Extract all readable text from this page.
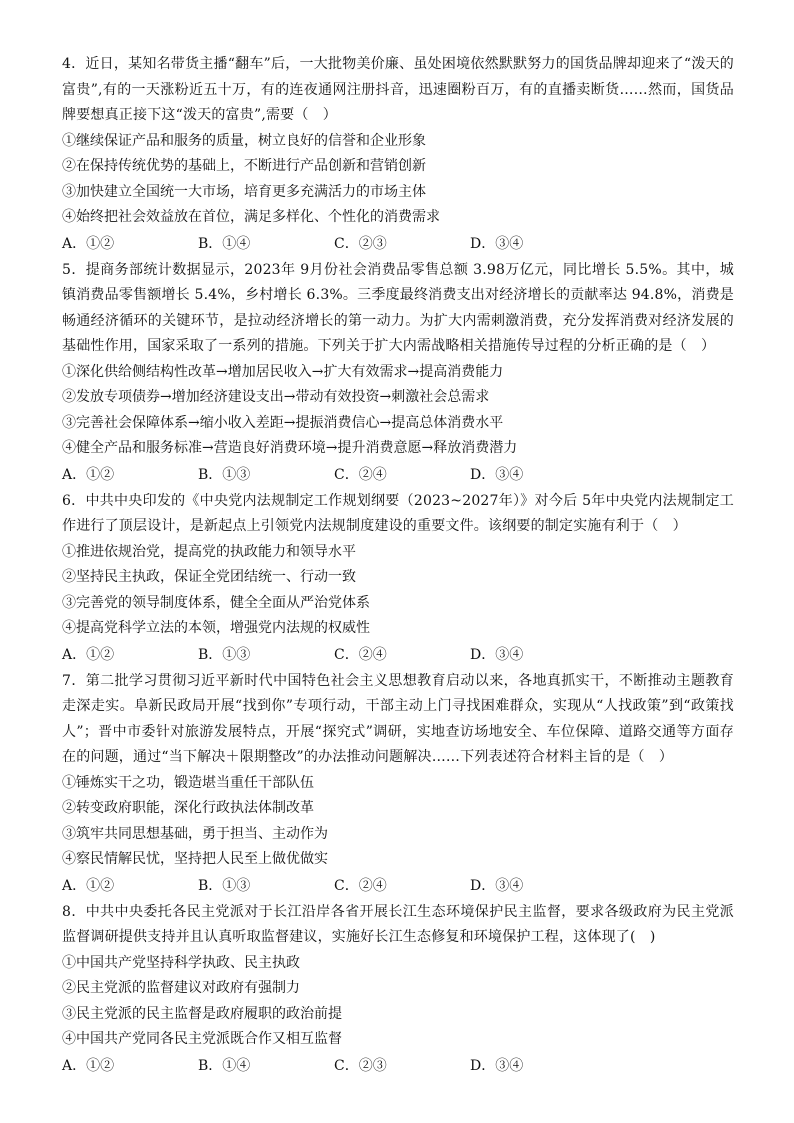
4．近日，某知名带货主播“翻车”后，一大批物美价廉、虽处困境依然默默努力的国货品牌却迎来了“泼天的富贵”,有的一天涨粉近五十万，有的连夜通网注册抖音，迅速圈粉百万，有的直播卖断货……然而，国货品牌要想真正接下这“泼天的富贵”,需要（　）
①继续保证产品和服务的质量，树立良好的信誉和企业形象
②在保持传统优势的基础上，不断进行产品创新和营销创新
③加快建立全国统一大市场，培育更多充满活力的市场主体
④始终把社会效益放在首位，满足多样化、个性化的消费需求
A．①②	B．①④	C．②③	D．③④
5．提商务部统计数据显示，2023年 9月份社会消费品零售总额 3.98万亿元，同比增长 5.5%。其中，城镇消费品零售额增长 5.4%，乡村增长 6.3%。三季度最终消费支出对经济增长的贡献率达 94.8%，消费是畅通经济循环的关键环节，是拉动经济增长的第一动力。为扩大内需刺激消费，充分发挥消费对经济发展的基础性作用，国家采取了一系列的措施。下列关于扩大内需战略相关措施传导过程的分析正确的是（　）
①深化供给侧结构性改革→增加居民收入→扩大有效需求→提高消费能力
②发放专项债券→增加经济建设支出→带动有效投资→刺激社会总需求
③完善社会保障体系→缩小收入差距→提振消费信心→提高总体消费水平
④健全产品和服务标准→营造良好消费环境→提升消费意愿→释放消费潜力
A．①②	B．①③	C．②④	D．③④
6．中共中央印发的《中央党内法规制定工作规划纲要（2023~2027年）》对今后 5年中央党内法规制定工作进行了顶层设计，是新起点上引领党内法规制度建设的重要文件。该纲要的制定实施有利于（　）
①推进依规治党，提高党的执政能力和领导水平
②坚持民主执政，保证全党团结统一、行动一致
③完善党的领导制度体系，健全全面从严治党体系
④提高党科学立法的本领，增强党内法规的权威性
A．①②	B．①③	C．②④	D．③④
7．第二批学习贯彻习近平新时代中国特色社会主义思想教育启动以来，各地真抓实干，不断推动主题教育走深走实。阜新民政局开展“找到你”专项行动，干部主动上门寻找困难群众，实现从“人找政策”到“政策找人”；晋中市委针对旅游发展特点，开展“探究式”调研，实地查访场地安全、车位保障、道路交通等方面存在的问题，通过“当下解决＋限期整改”的办法推动问题解决……下列表述符合材料主旨的是（　）
①锤炼实干之功，锻造堪当重任干部队伍
②转变政府职能，深化行政执法体制改革
③筑牢共同思想基础，勇于担当、主动作为
④察民情解民忧，坚持把人民至上做优做实
A．①②	B．①③	C．②④	D．③④
8．中共中央委托各民主党派对于长江沿岸各省开展长江生态环境保护民主监督，要求各级政府为民主党派监督调研提供支持并且认真听取监督建议，实施好长江生态修复和环境保护工程，这体现了(　)
①中国共产党坚持科学执政、民主执政
②民主党派的监督建议对政府有强制力
③民主党派的民主监督是政府履职的政治前提
④中国共产党同各民主党派既合作又相互监督
A．①②	B．①④	C．②③	D．③④
